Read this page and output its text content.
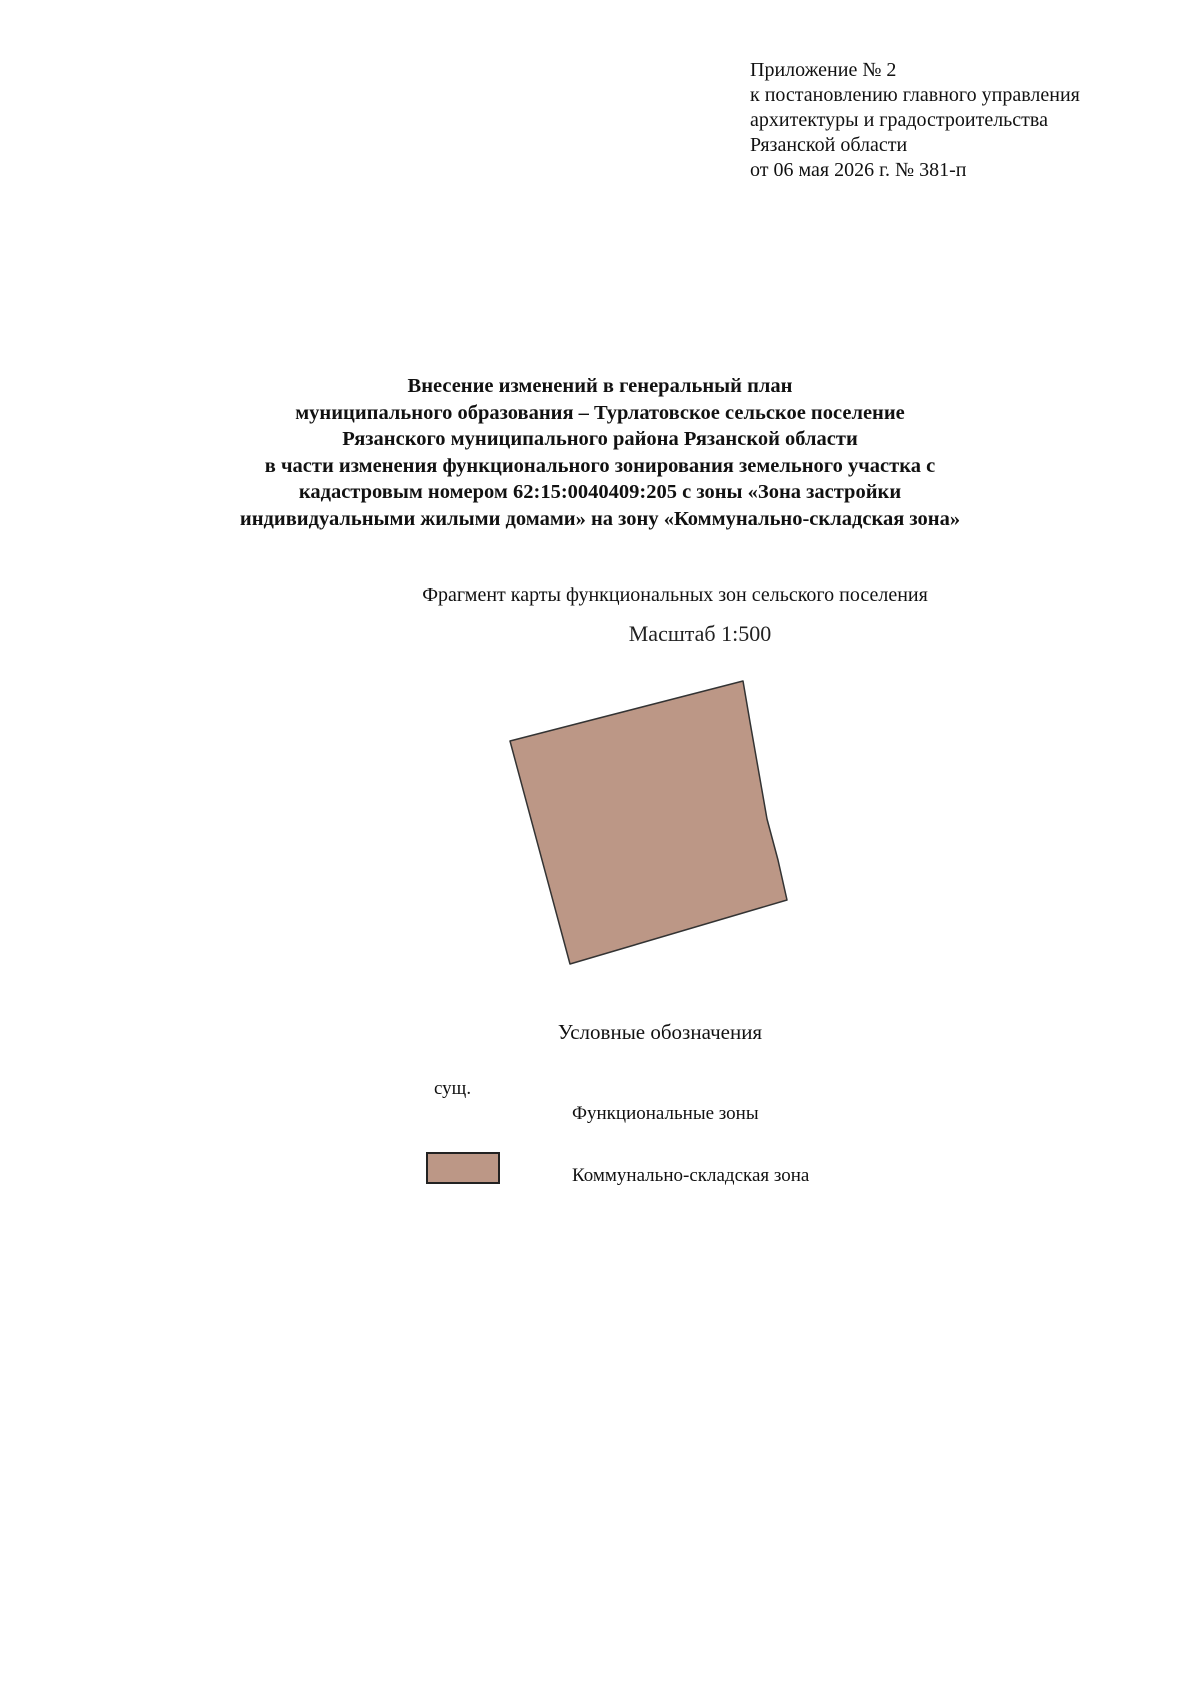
Приложение № 2
к постановлению главного управления
архитектуры и градостроительства
Рязанской области
от 06 мая 2026 г. № 381-п
Внесение изменений в генеральный план
муниципального образования – Турлатовское сельское поселение
Рязанского муниципального района Рязанской области
в части изменения функционального зонирования земельного участка с
кадастровым номером 62:15:0040409:205 с зоны «Зона застройки
индивидуальными жилыми домами» на зону «Коммунально-складская зона»
Фрагмент карты функциональных зон сельского поселения
Масштаб 1:500
Условные обозначения
сущ.
Функциональные зоны
Коммунально-складская зона
